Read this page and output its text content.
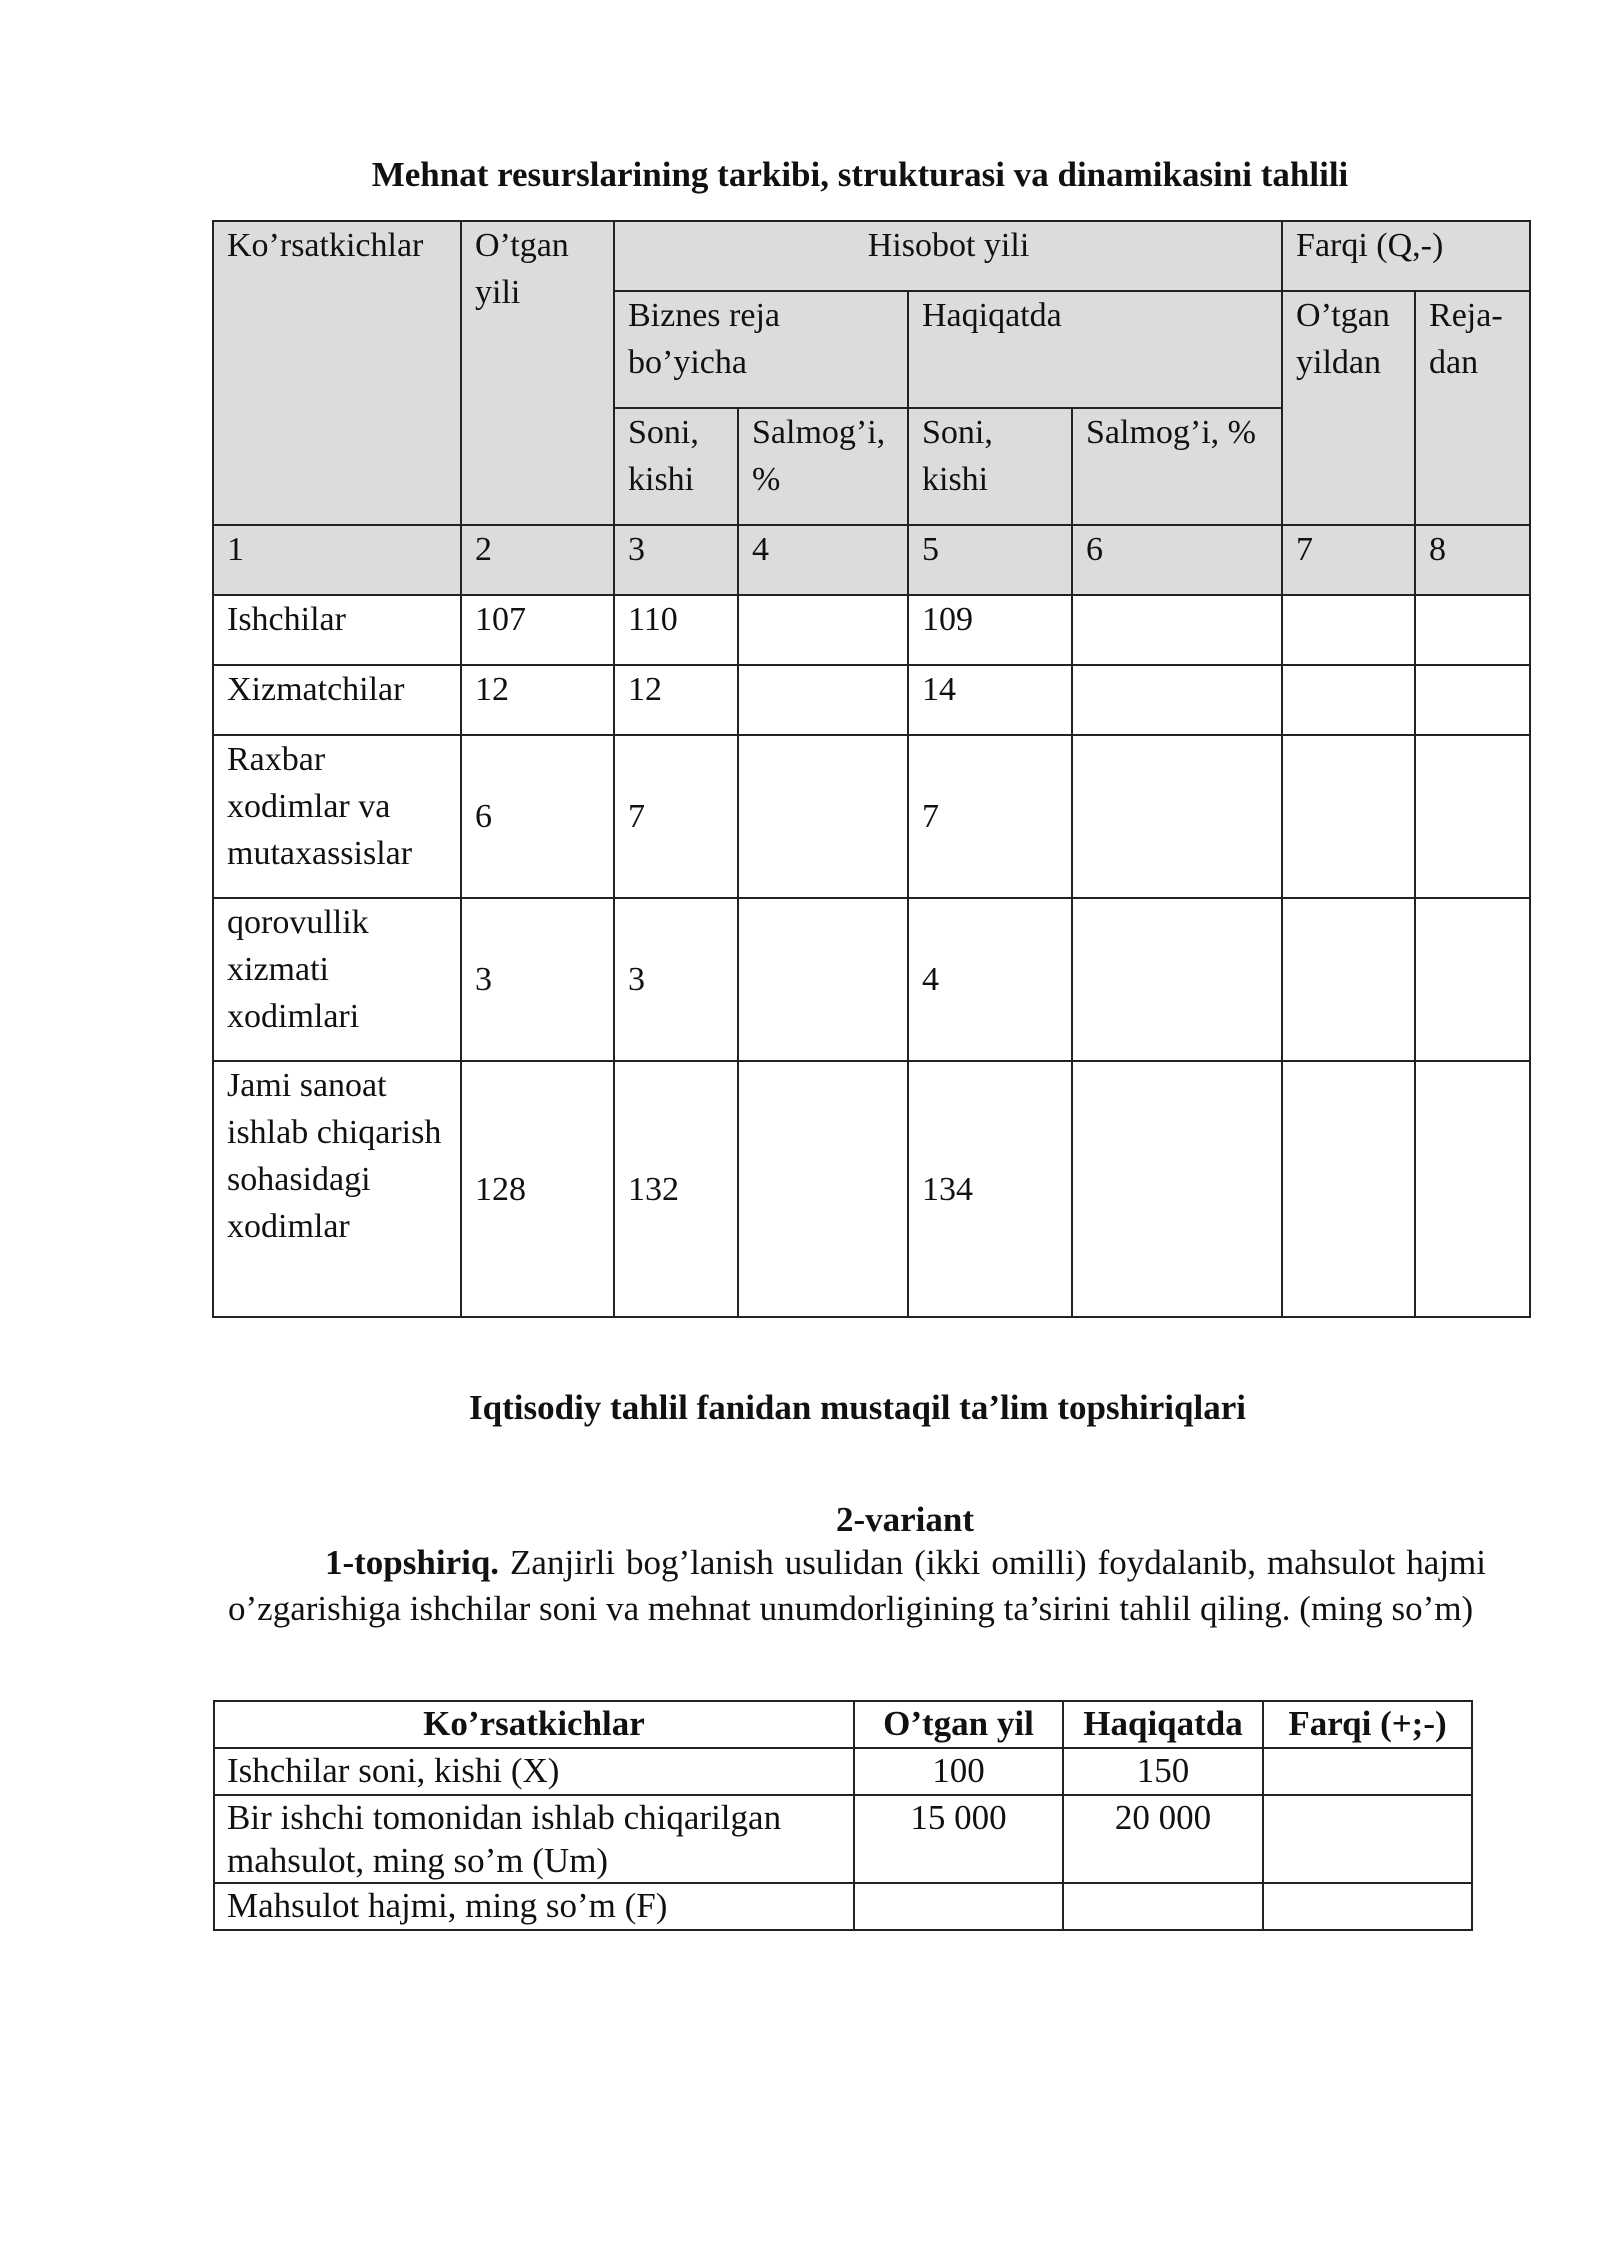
Mehnat resurslarining tarkibi, strukturasi va dinamikasini tahlili
Ko’rsatkichlar	O’tgan yili	Hisobot yili				Farqi (Q,-)	
		Biznes reja bo’yicha		Haqiqatda		O’tgan yildan	Reja-dan
		Soni, kishi	Salmog’i, %	Soni, kishi	Salmog’i, %		
1	2	3	4	5	6	7	8
Ishchilar	107	110		109			
Xizmatchilar	12	12		14			
Raxbar xodimlar va mutaxassislar	6	7		7			
qorovullik xizmati xodimlari	3	3		4			
Jami sanoat ishlab chiqarish sohasidagi xodimlar	128	132		134			
Iqtisodiy tahlil fanidan mustaqil ta’lim topshiriqlari
2-variant

1-topshiriq. Zanjirli bog’lanish usulidan (ikki omilli) foydalanib, mahsulot hajmi o’zgarishiga ishchilar soni va mehnat unumdorligining ta’sirini tahlil qiling. (ming so’m)

Ko’rsatkichlar	O’tgan yil	Haqiqatda	Farqi (+;-)
Ishchilar soni, kishi (X)	100	150	
Bir ishchi tomonidan ishlab chiqarilgan mahsulot, ming so’m (Um)	15 000	20 000	
Mahsulot hajmi, ming so’m (F)			
